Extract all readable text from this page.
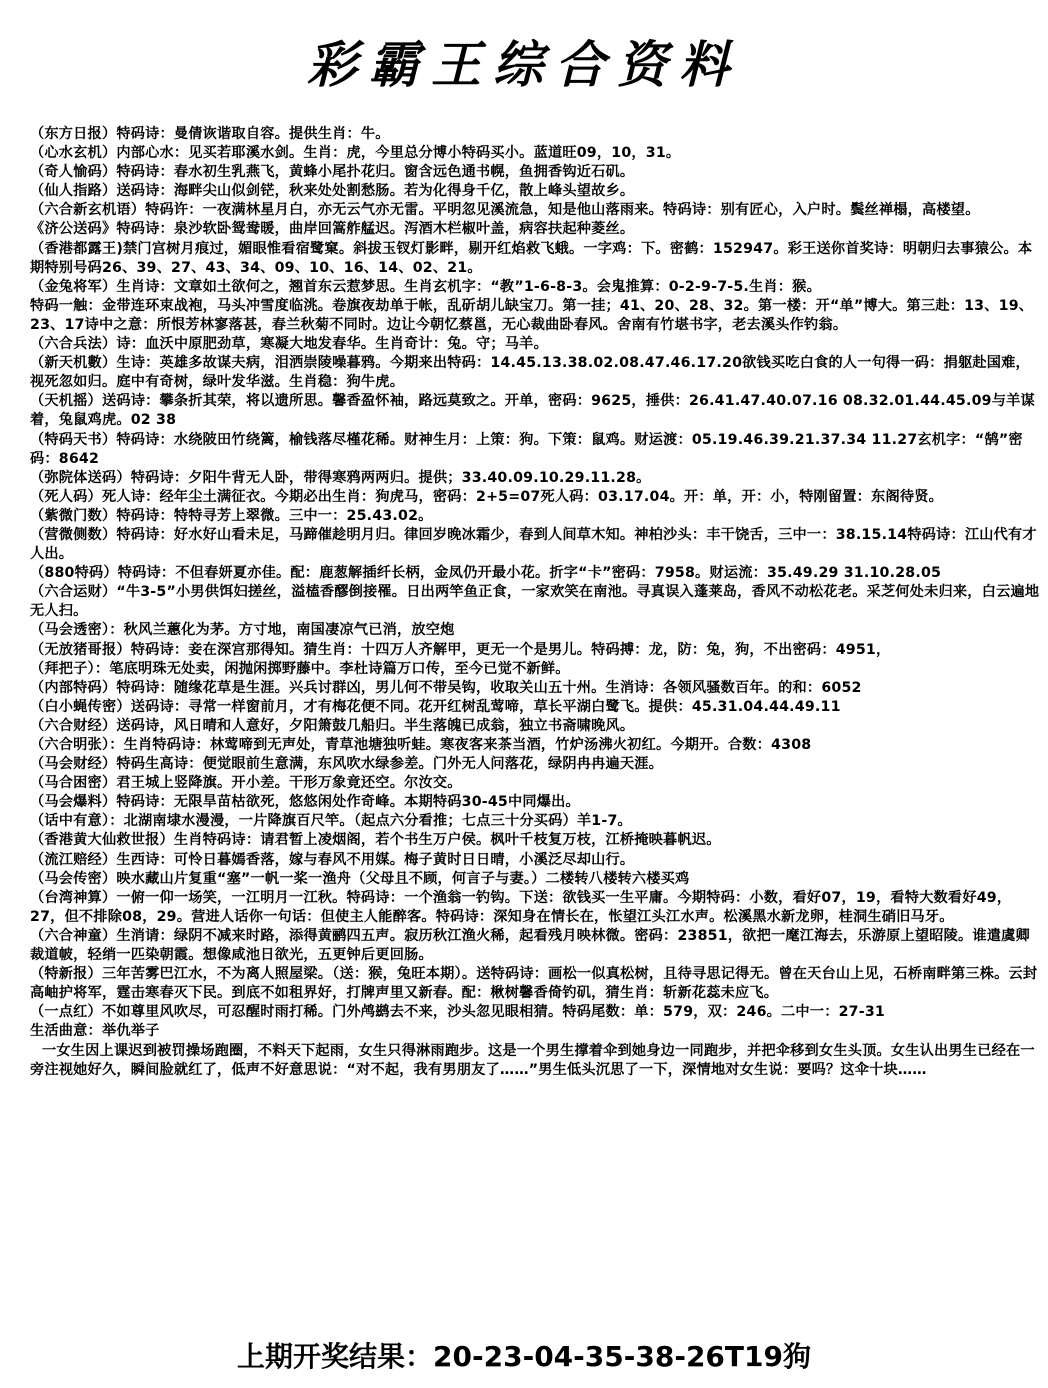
彩霸王综合资料

（东方日报）特码诗：曼倩诙谐取自容。提供生肖：牛。

（心水玄机）内部心水：见买若耶溪水剑。生肖：虎，今里总分博小特码买小。蓝道旺09，10，31。

（奇人愉码）特码诗：春水初生乳燕飞，黄蜂小尾扑花归。窗含远色通书幌，鱼拥香钩近石矶。

（仙人指路）送码诗：海畔尖山似剑铓，秋来处处割愁肠。若为化得身千亿，散上峰头望故乡。

（六合新玄机语）特码许：一夜满林星月白，亦无云气亦无雷。平明忽见溪流急，知是他山落雨来。特码诗：别有匠心，入户时。鬓丝禅榻，高楼望。

《济公送码》特码诗：泉沙软卧鸳鸯暖，曲岸回篙舴艋迟。泻酒木栏椒叶盖，病容扶起种菱丝。

（香港都露王)禁门宫树月痕过，媚眼惟看宿鹭窠。斜拔玉钗灯影畔，剔开红焰救飞蛾。一字鸡：下。密鹤：152947。彩王送你首奖诗：明朝归去事猿公。本期特别号码26、39、27、43、34、09、10、16、14、02、21。

（金兔将军）生肖诗：文章如土欲何之，翘首东云惹梦思。生肖玄机字：“教”1-6-8-3。会鬼推算：0-2-9-7-5.生肖：猴。

特码一触：金带连环束战袍，马头冲雪度临洮。卷旗夜劫单于帐，乱斫胡儿缺宝刀。第一挂；41、20、28、32。第一楼：开“单”博大。第三赴：13、19、23、17诗中之意：所恨芳林寥落甚，春兰秋菊不同时。边让今朝忆蔡邕，无心裁曲卧春风。舍南有竹堪书字，老去溪头作钓翁。

（六合兵法）诗：血沃中原肥劲草，寒凝大地发春华。生肖奇计：兔。守；马羊。

（新天机數）生诗：英雄多故谋夫病，泪洒崇陵噪暮鸦。今期来出特码：14.45.13.38.02.08.47.46.17.20欲钱买吃白食的人一句得一码：捐躯赴国难，视死忽如归。庭中有奇树，绿叶发华滋。生肖稳：狗牛虎。

（天机摇）送码诗：攀条折其荣，将以遗所思。馨香盈怀袖，路远莫致之。开单，密码：9625，捶供：26.41.47.40.07.16 08.32.01.44.45.09与羊谋着，兔鼠鸡虎。02 38

（特码天书）特码诗：水绕陂田竹绕篱，榆钱落尽槿花稀。财神生月：上策：狗。下策：鼠鸡。财运渡：05.19.46.39.21.37.34 11.27玄机字：“鹄”密码：8642

（弥院体送码）特码诗：夕阳牛背无人卧，带得寒鸦两两归。提供；33.40.09.10.29.11.28。

（死人码）死人诗：经年尘土满征衣。今期必出生肖：狗虎马，密码：2+5=07死人码：03.17.04。开：单，开：小，特刚留置：东阁待贤。

（紫微门数）特码诗：特特寻芳上翠微。三中一：25.43.02。

（营微侧数）特码诗：好水好山看未足，马蹄催趁明月归。律回岁晚冰霜少，春到人间草木知。神柏沙头：丰干饶舌，三中一：38.15.14特码诗：江山代有才人出。

（880特码）特码诗：不但春妍夏亦佳。配：鹿葱解插纤长柄，金凤仍开最小花。折字“卡”密码：7958。财运流：35.49.29 31.10.28.05

（六合运财）“牛3-5”小男供饵妇搓丝，溢榼香醪倒接罹。日出两竿鱼正食，一家欢笑在南池。寻真误入蓬莱岛，香风不动松花老。采芝何处未归来，白云遍地无人扫。

（马会透密）：秋风兰蕙化为茅。方寸地，南国凄凉气已消，放空炮

（无放猪哥报）特码诗：妾在深宫那得知。猜生肖：十四万人齐解甲，更无一个是男儿。特码搏：龙，防：兔，狗，不出密码：4951，

（拜把子）：笔底明珠无处卖，闲抛闲掷野藤中。李杜诗篇万口传，至今已觉不新鲜。

（内部特码）特码诗：随缘花草是生涯。兴兵讨群凶，男儿何不带吴钩，收取关山五十州。生消诗：各领风骚数百年。的和：6052

（白小蝇传密）送码诗：寻常一样窗前月，才有梅花便不同。花开红树乱莺啼，草长平湖白鹭飞。提供：45.31.04.44.49.11

（六合财经）送码诗，风日晴和人意好，夕阳箫鼓几船归。半生落魄已成翁，独立书斋啸晚风。

（六合明张）：生肖特码诗：林莺啼到无声处，青草池塘独听蛙。寒夜客来茶当酒，竹炉汤沸火初红。今期开。合数：4308

（马会财经）特码生高诗：便觉眼前生意满，东风吹水绿参差。门外无人问落花，绿阴冉冉遍天涯。

（马合困密）君王城上竖降旗。开小差。干形万象竟还空。尔汝交。

（马会爆料）特码诗：无限旱苗枯欲死，悠悠闲处作奇峰。本期特码30-45中同爆出。

（话中有意）：北湖南埭水漫漫，一片降旗百尺竿。（起点六分看推；七点三十分买码）羊1-7。

（香港黄大仙救世报）生肖特码诗：请君暂上凌烟阁，若个书生万户侯。枫叶千枝复万枝，江桥掩映暮帆迟。

（流江赔经）生西诗：可怜日暮嫣香落，嫁与春风不用媒。梅子黄时日日晴，小溪泛尽却山行。

（马会传密）映水藏山片复重“塞”一帆一桨一渔舟（父母且不顾，何言子与妻。）二楼转八楼转六楼买鸡

（台湾神算）一俯一仰一场笑，一江明月一江秋。特码诗：一个渔翁一钓钩。下送：欲钱买一生平庸。今期特码：小数，看好07，19，看特大数看好49，27，但不排除08，29。营进人话你一句话：但使主人能醉客。特码诗：深知身在情长在，怅望江头江水声。松溪黑水新龙卵，桂洞生硝旧马牙。

（六合神童）生消请：绿阴不减来时路，添得黄鹂四五声。寂历秋江渔火稀，起看残月映林微。密码：23851，欲把一麾江海去，乐游原上望昭陵。谁遣虞卿裁道帔，轻绡一匹染朝霞。想像咸池日欲光，五更钟后更回肠。

（特新报）三年苦雾巴江水，不为离人照屋梁。（送：猴，兔旺本期）。送特码诗：画松一似真松树，且待寻思记得无。曾在天台山上见，石桥南畔第三株。云封高岫护将军，霆击寒春灭下民。到底不如租界好，打牌声里又新春。配：楸树馨香倚钓矶，猜生肖：斩新花蕊未应飞。

（一点红）不如尊里风吹尽，可忍醒时雨打稀。门外鸬鹚去不来，沙头忽见眼相猜。特码尾数：单：579，双：246。二中一：27-31

生活曲意：举仇举子

一女生因上课迟到被罚操场跑圈，不料天下起雨，女生只得淋雨跑步。这是一个男生撑着伞到她身边一同跑步，并把伞移到女生头顶。女生认出男生已经在一旁注视她好久，瞬间脸就红了，低声不好意思说：“对不起，我有男朋友了……”男生低头沉思了一下，深情地对女生说：要吗？这伞十块……

上期开奖结果：20-23-04-35-38-26T19狗
